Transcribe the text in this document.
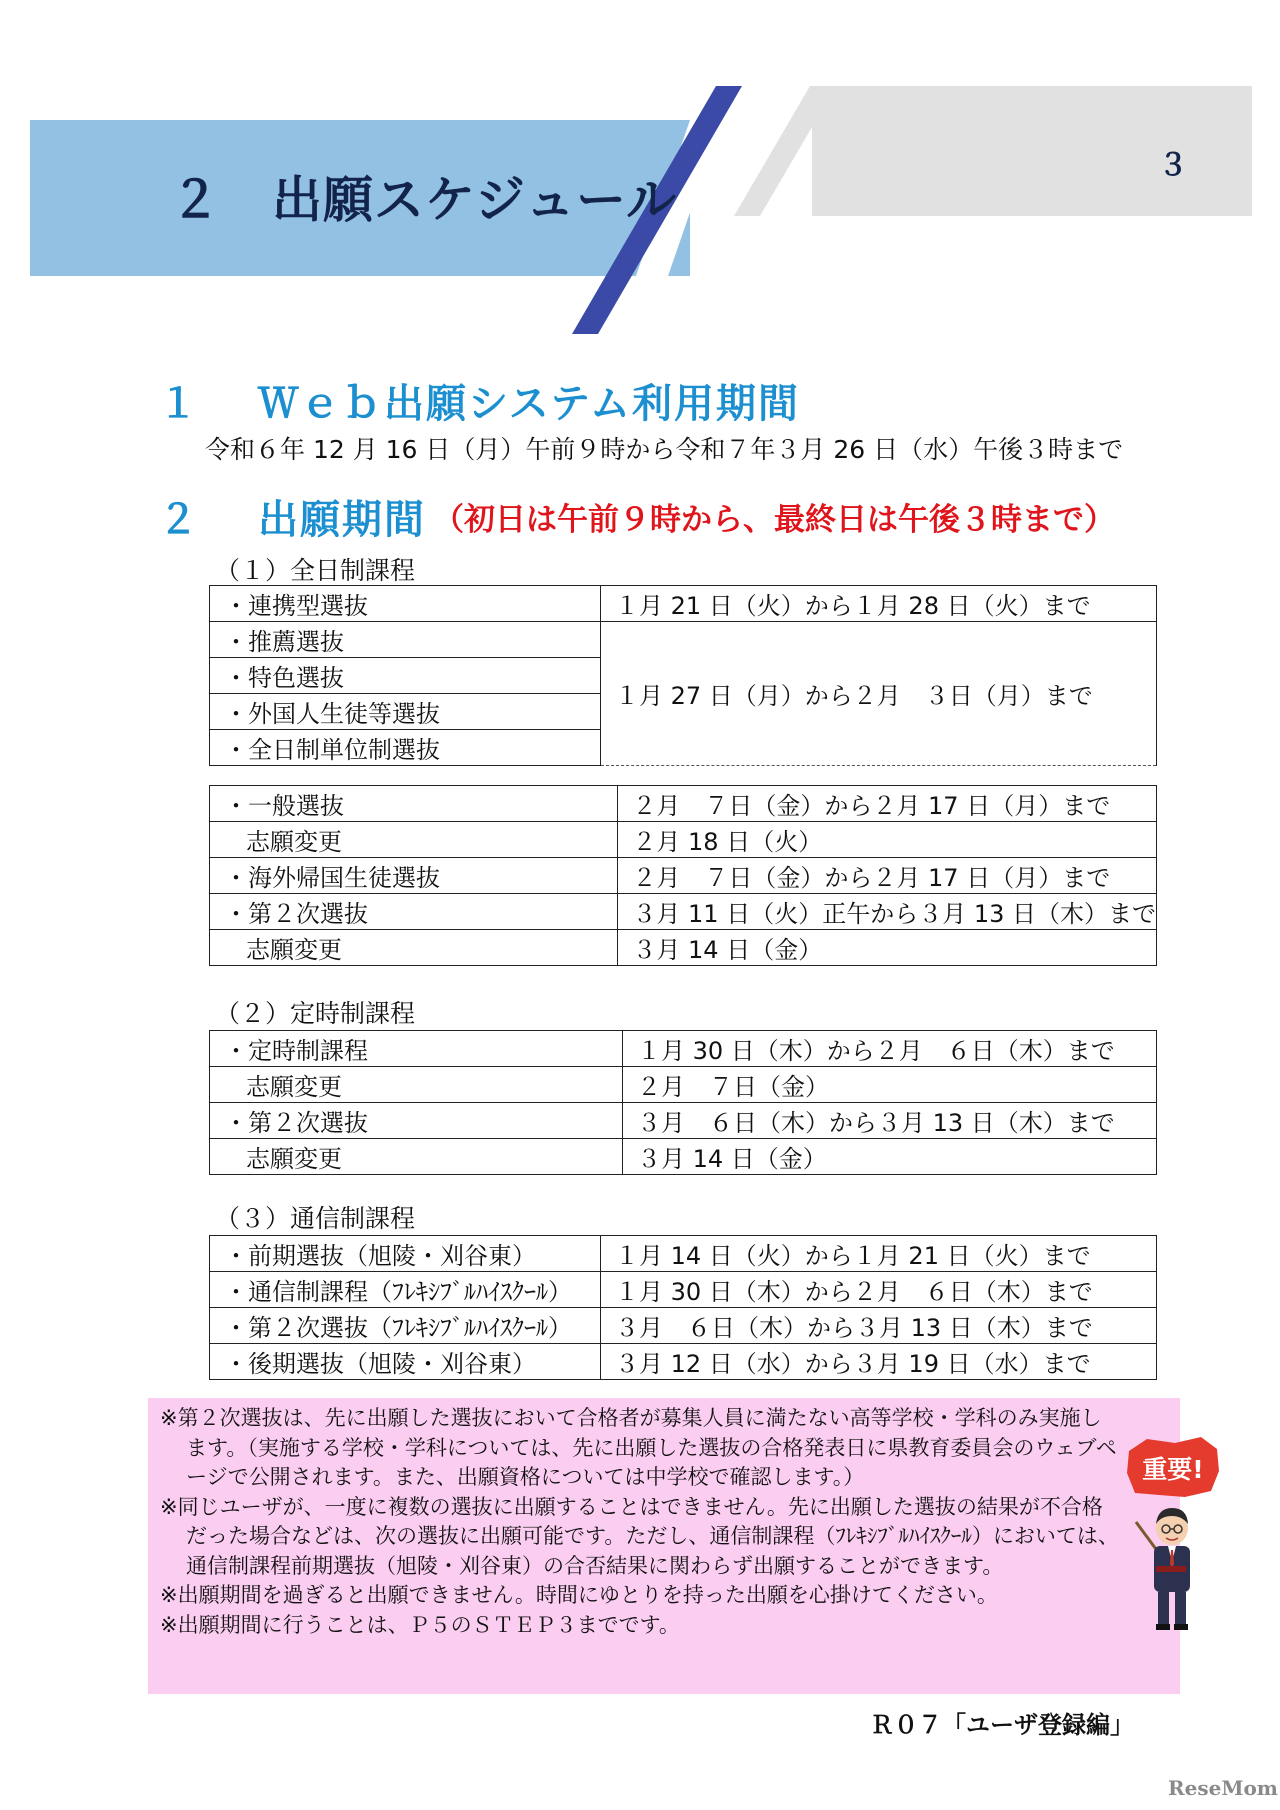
２　出願スケジュール
３
１ Ｗｅｂ出願システム利用期間
令和６年 12 月 16 日（月）午前９時から令和７年３月 26 日（水）午後３時まで
２ 出願期間 （初日は午前９時から、最終日は午後３時まで）
（１）全日制課程
・連携型選抜	１月 21 日（火）から１月 28 日（火）まで
・推薦選抜	１月 27 日（月）から２月　３日（月）まで
・特色選抜	
・外国人生徒等選抜	
・全日制単位制選抜	
・一般選抜	２月　７日（金）から２月 17 日（月）まで
志願変更	２月 18 日（火）
・海外帰国生徒選抜	２月　７日（金）から２月 17 日（月）まで
・第２次選抜	３月 11 日（火）正午から３月 13 日（木）まで
志願変更	３月 14 日（金）
（２）定時制課程
・定時制課程	１月 30 日（木）から２月　６日（木）まで
志願変更	２月　７日（金）
・第２次選抜	３月　６日（木）から３月 13 日（木）まで
志願変更	３月 14 日（金）
（３）通信制課程
・前期選抜（旭陵・刈谷東）	１月 14 日（火）から１月 21 日（火）まで
・通信制課程（ﾌﾚｷｼﾌﾞﾙﾊｲｽｸｰﾙ）	１月 30 日（木）から２月　６日（木）まで
・第２次選抜（ﾌﾚｷｼﾌﾞﾙﾊｲｽｸｰﾙ）	３月　６日（木）から３月 13 日（木）まで
・後期選抜（旭陵・刈谷東）	３月 12 日（水）から３月 19 日（水）まで

※第２次選抜は、先に出願した選抜において合格者が募集人員に満たない高等学校・学科のみ実施します。（実施する学校・学科については、先に出願した選抜の合格発表日に県教育委員会のウェブページで公開されます。また、出願資格については中学校で確認します。）

※同じユーザが、一度に複数の選抜に出願することはできません。先に出願した選抜の結果が不合格だった場合などは、次の選抜に出願可能です。ただし、通信制課程（ﾌﾚｷｼﾌﾞﾙﾊｲｽｸｰﾙ）においては、通信制課程前期選抜（旭陵・刈谷東）の合否結果に関わらず出願することができます。

※出願期間を過ぎると出願できません。時間にゆとりを持った出願を心掛けてください。

※出願期間に行うことは、Ｐ５のＳＴＥＰ３までです。

重要!
Ｒ０７「ユーザ登録編」
ReseMom
